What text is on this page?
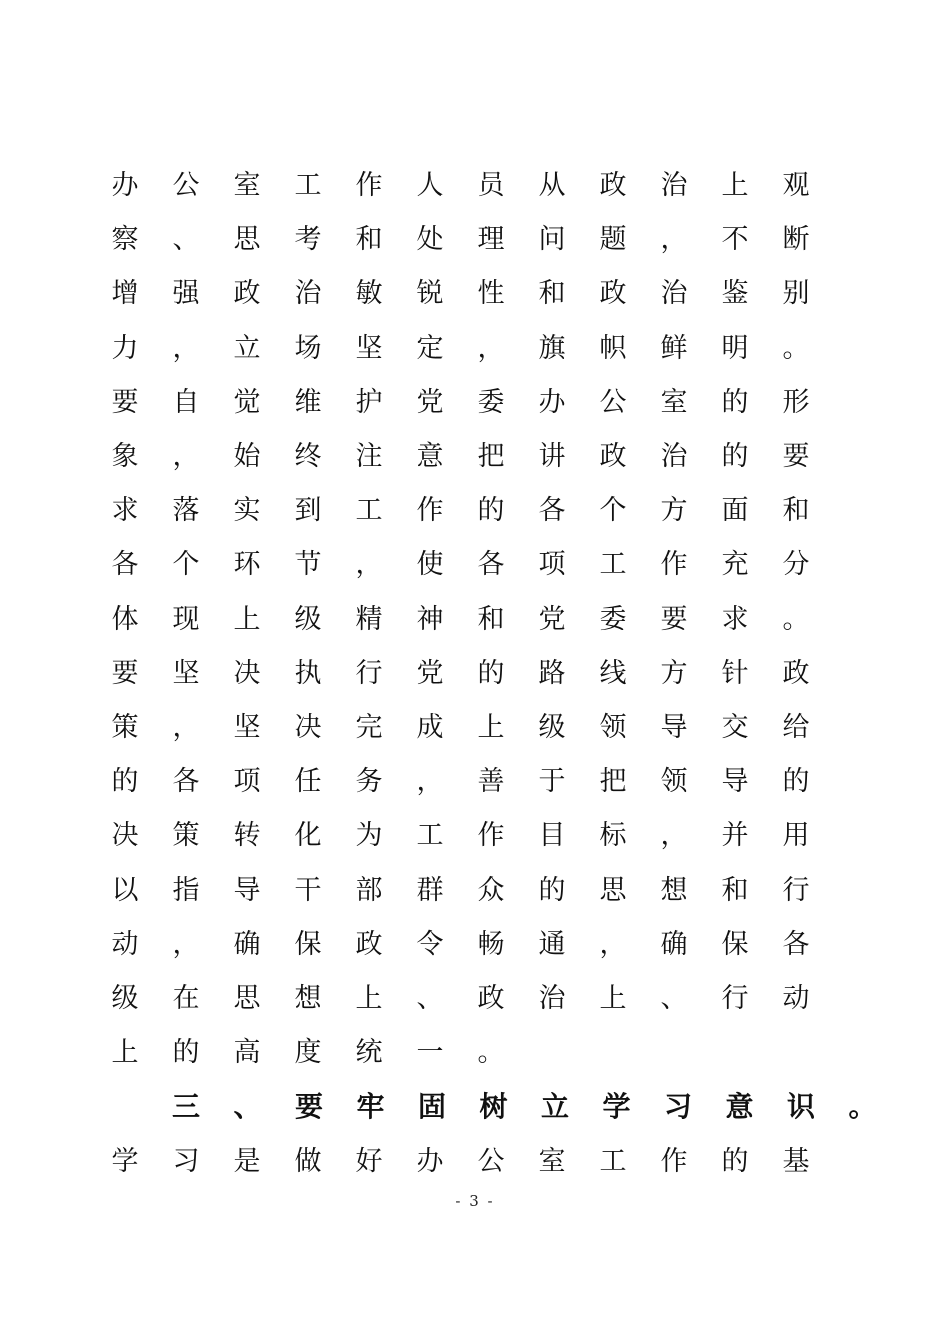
办 公 室 工 作 人 员 从 政 治 上 观
察 、 思 考 和 处 理 问 题 ， 不 断
增 强 政 治 敏 锐 性 和 政 治 鉴 别
力 ， 立 场 坚 定 ， 旗 帜 鲜 明 。
要 自 觉 维 护 党 委 办 公 室 的 形
象 ， 始 终 注 意 把 讲 政 治 的 要
求 落 实 到 工 作 的 各 个 方 面 和
各 个 环 节 ， 使 各 项 工 作 充 分
体 现 上 级 精 神 和 党 委 要 求 。
要 坚 决 执 行 党 的 路 线 方 针 政
策 ， 坚 决 完 成 上 级 领 导 交 给
的 各 项 任 务 ， 善 于 把 领 导 的
决 策 转 化 为 工 作 目 标 ， 并 用
以 指 导 干 部 群 众 的 思 想 和 行
动 ， 确 保 政 令 畅 通 ， 确 保 各
级 在 思 想 上 、 政 治 上 、 行 动
上 的 高 度 统 一 。
三 、 要 牢 固 树 立 学 习 意 识 。
学 习 是 做 好 办 公 室 工 作 的 基
- 3 -
